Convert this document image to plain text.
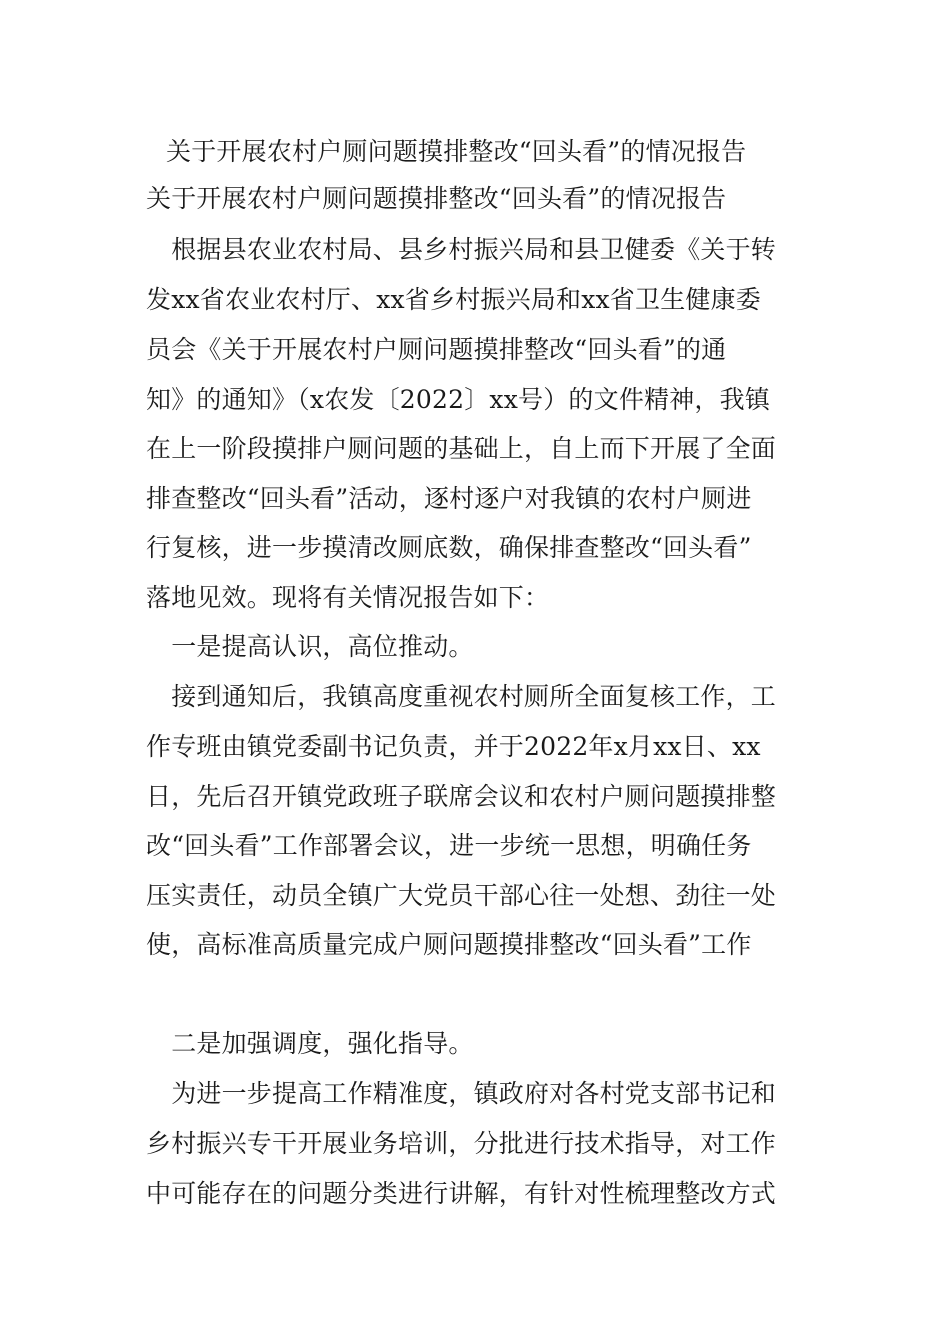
关于开展农村户厕问题摸排整改“回头看”的情况报告
关于开展农村户厕问题摸排整改“回头看”的情况报告
　根据县农业农村局、县乡村振兴局和县卫健委《关于转
发xx省农业农村厅、xx省乡村振兴局和xx省卫生健康委
员会《关于开展农村户厕问题摸排整改“回头看”的通
知》的通知》（x农发〔2022〕xx号）的文件精神，我镇
在上一阶段摸排户厕问题的基础上，自上而下开展了全面
排查整改“回头看”活动，逐村逐户对我镇的农村户厕进
行复核，进一步摸清改厕底数，确保排查整改“回头看”
落地见效。现将有关情况报告如下：
　一是提高认识，高位推动。
　接到通知后，我镇高度重视农村厕所全面复核工作，工
作专班由镇党委副书记负责，并于2022年x月xx日、xx
日，先后召开镇党政班子联席会议和农村户厕问题摸排整
改“回头看”工作部署会议，进一步统一思想，明确任务
压实责任，动员全镇广大党员干部心往一处想、劲往一处
使，高标准高质量完成户厕问题摸排整改“回头看”工作
　二是加强调度，强化指导。
　为进一步提高工作精准度，镇政府对各村党支部书记和
乡村振兴专干开展业务培训，分批进行技术指导，对工作
中可能存在的问题分类进行讲解，有针对性梳理整改方式
